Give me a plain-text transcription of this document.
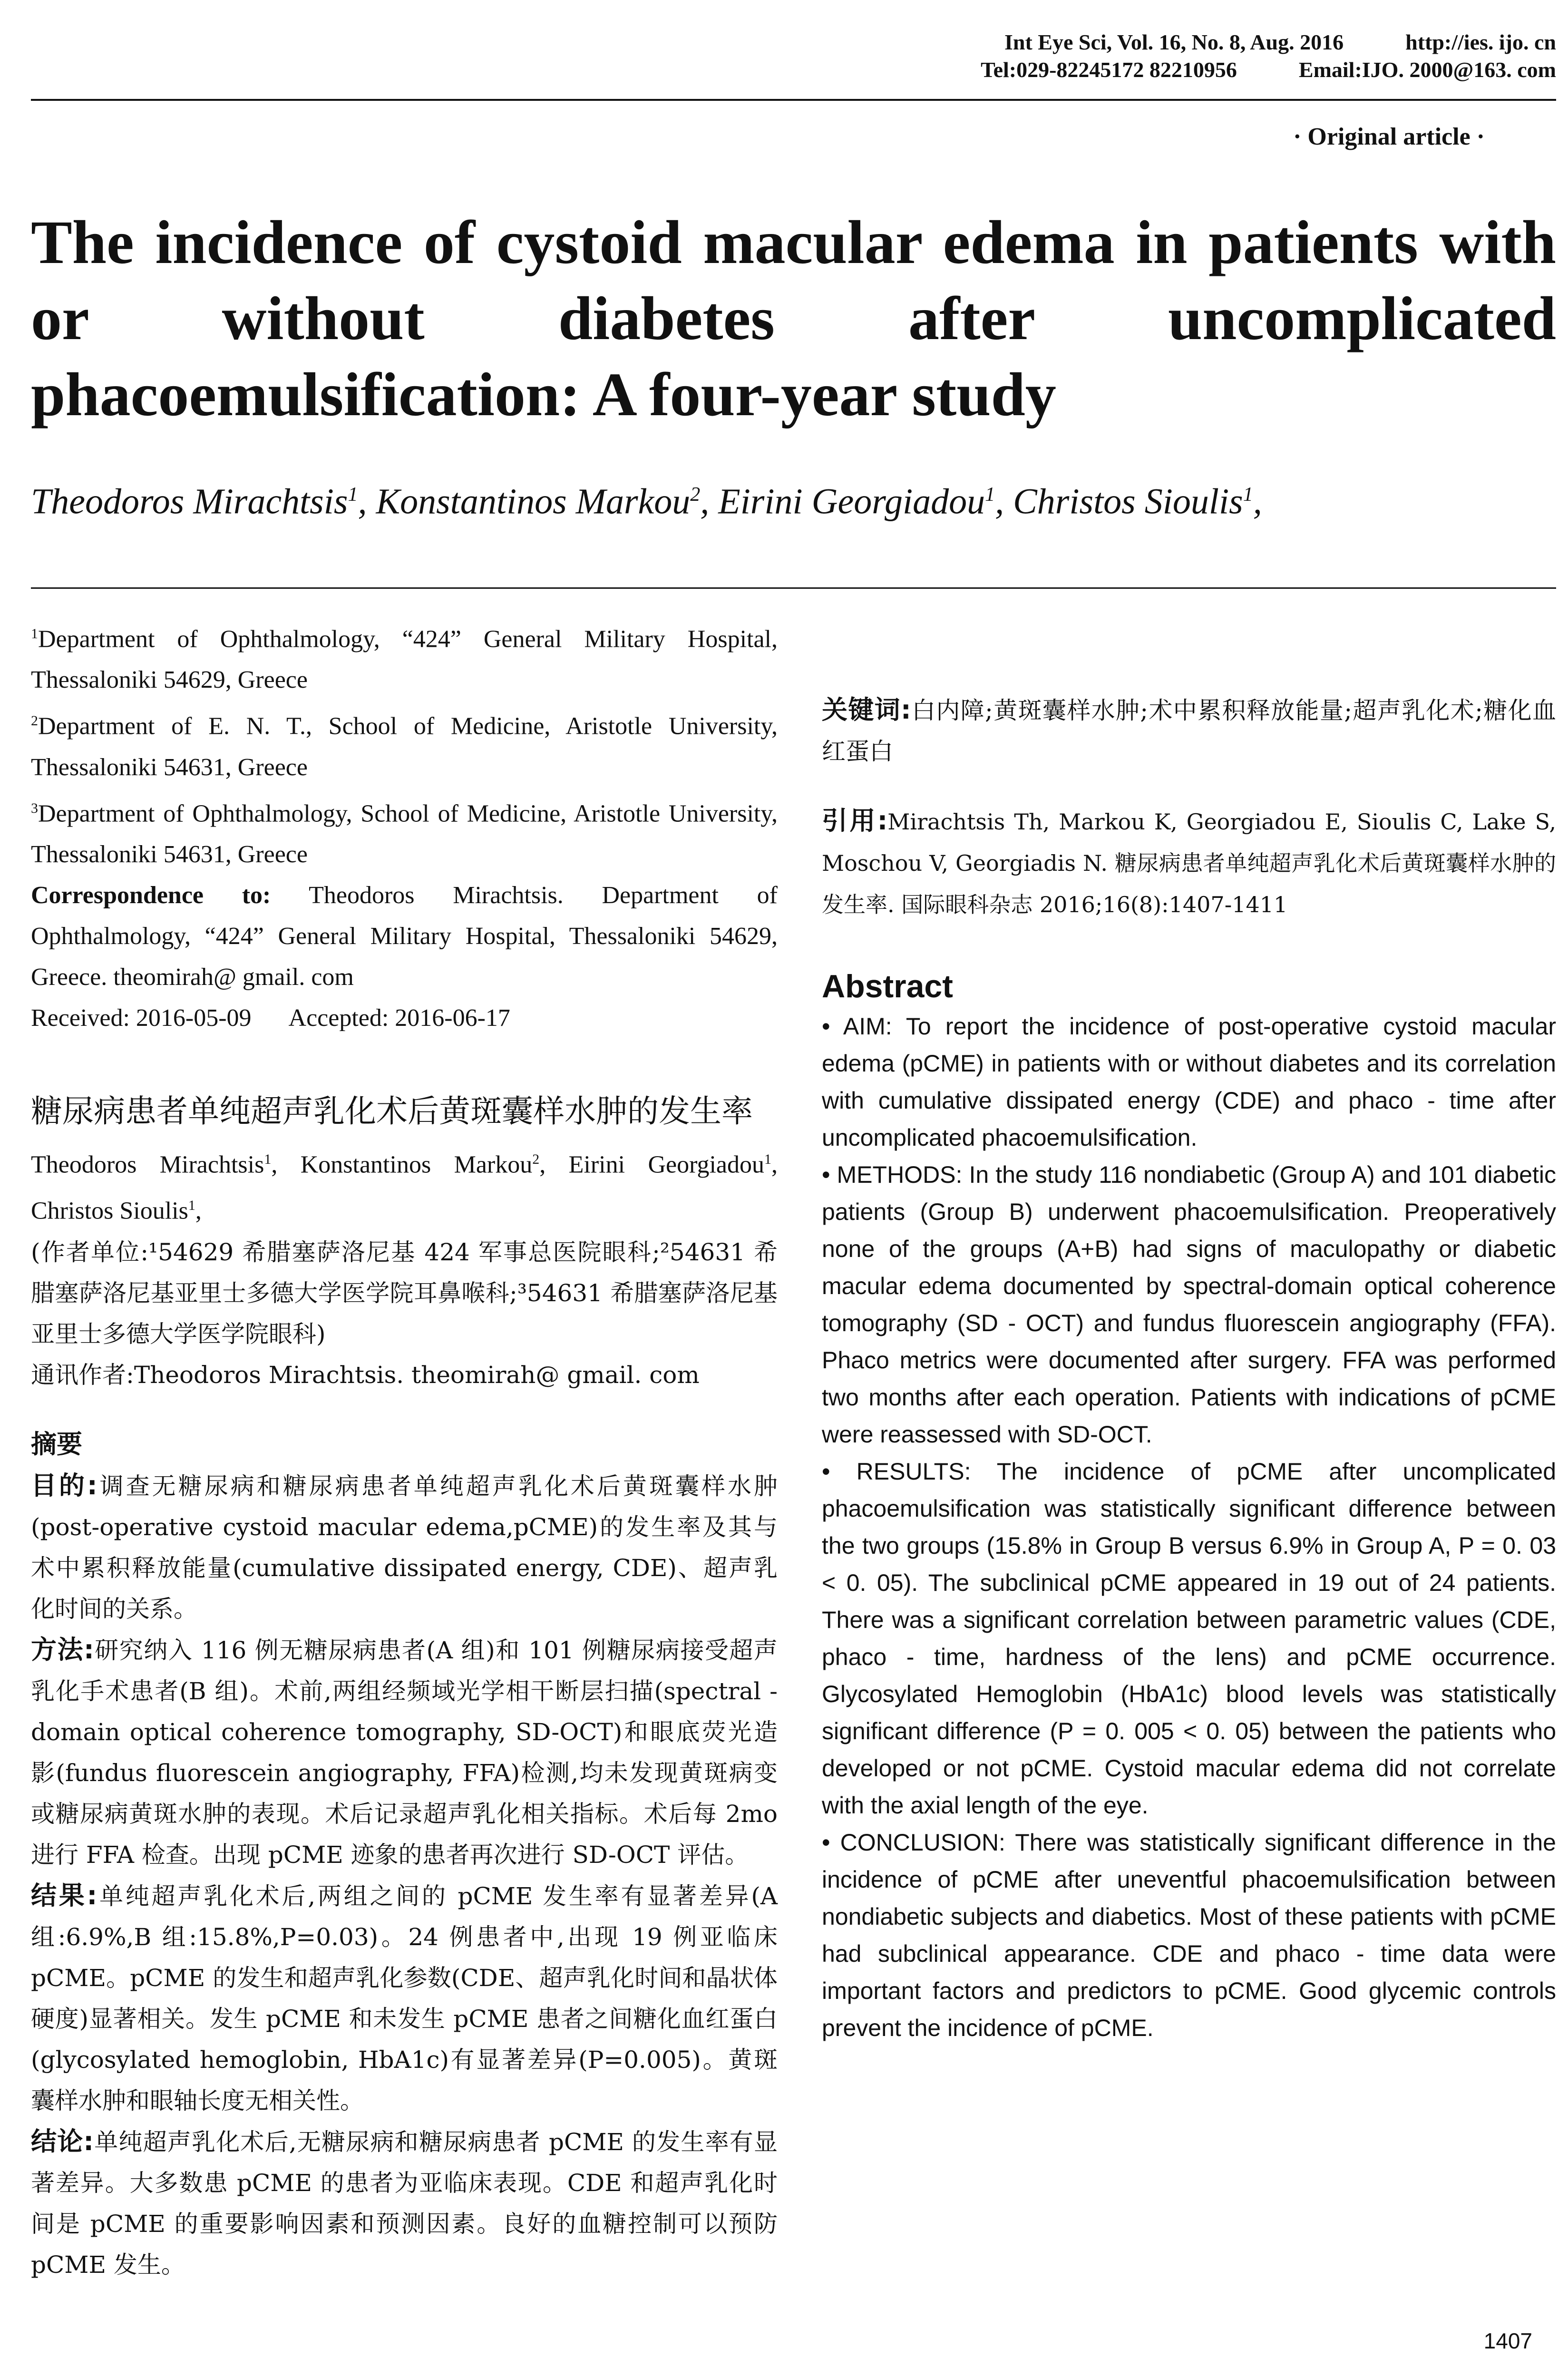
Int Eye Sci, Vol. 16, No. 8, Aug. 2016	http://ies. ijo. cn
Tel:029-82245172 82210956	Email:IJO. 2000@163. com
· Original article ·
The incidence of cystoid macular edema in patients with
or without diabetes after uncomplicated
phacoemulsification: A four-year study
Theodoros Mirachtsis$^1$, Konstantinos Markou$^2$, Eirini Georgiadou$^1$, Christos Sioulis$^1$,

$^1$Department of Ophthalmology, “424” General Military Hospital, Thessaloniki 54629, Greece

$^2$Department of E. N. T., School of Medicine, Aristotle University, Thessaloniki 54631, Greece

$^3$Department of Ophthalmology, School of Medicine, Aristotle University, Thessaloniki 54631, Greece

Correspondence to: Theodoros Mirachtsis. Department of Ophthalmology, “424” General Military Hospital, Thessaloniki 54629, Greece. theomirah@ gmail. com

Received: 2016-05-09 Accepted: 2016-06-17

糖尿病患者单纯超声乳化术后黄斑囊样水肿的发生率

Theodoros Mirachtsis$^1$, Konstantinos Markou$^2$, Eirini Georgiadou$^1$, Christos Sioulis$^1$,

(作者单位:¹54629 希腊塞萨洛尼基 424 军事总医院眼科;²54631 希腊塞萨洛尼基亚里士多德大学医学院耳鼻喉科;³54631 希腊塞萨洛尼基亚里士多德大学医学院眼科)

通讯作者:Theodoros Mirachtsis. theomirah@ gmail. com

摘要

目的:调查无糖尿病和糖尿病患者单纯超声乳化术后黄斑囊样水肿(post-operative cystoid macular edema,pCME)的发生率及其与术中累积释放能量(cumulative dissipated energy, CDE)、超声乳化时间的关系。

方法:研究纳入 116 例无糖尿病患者(A 组)和 101 例糖尿病接受超声乳化手术患者(B 组)。术前,两组经频域光学相干断层扫描(spectral - domain optical coherence tomography, SD-OCT)和眼底荧光造影(fundus fluorescein angiography, FFA)检测,均未发现黄斑病变或糖尿病黄斑水肿的表现。术后记录超声乳化相关指标。术后每 2mo 进行 FFA 检查。出现 pCME 迹象的患者再次进行 SD-OCT 评估。

结果:单纯超声乳化术后,两组之间的 pCME 发生率有显著差异(A 组:6.9%,B 组:15.8%,P=0.03)。24 例患者中,出现 19 例亚临床 pCME。pCME 的发生和超声乳化参数(CDE、超声乳化时间和晶状体硬度)显著相关。发生 pCME 和未发生 pCME 患者之间糖化血红蛋白(glycosylated hemoglobin, HbA1c)有显著差异(P=0.005)。黄斑囊样水肿和眼轴长度无相关性。

结论:单纯超声乳化术后,无糖尿病和糖尿病患者 pCME 的发生率有显著差异。大多数患 pCME 的患者为亚临床表现。CDE 和超声乳化时间是 pCME 的重要影响因素和预测因素。良好的血糖控制可以预防 pCME 发生。

关键词:白内障;黄斑囊样水肿;术中累积释放能量;超声乳化术;糖化血红蛋白

引用:Mirachtsis Th, Markou K, Georgiadou E, Sioulis C, Lake S, Moschou V, Georgiadis N. 糖尿病患者单纯超声乳化术后黄斑囊样水肿的发生率. 国际眼科杂志 2016;16(8):1407-1411

Abstract

• AIM: To report the incidence of post-operative cystoid macular edema (pCME) in patients with or without diabetes and its correlation with cumulative dissipated energy (CDE) and phaco - time after uncomplicated phacoemulsification.

• METHODS: In the study 116 nondiabetic (Group A) and 101 diabetic patients (Group B) underwent phacoemulsification. Preoperatively none of the groups (A+B) had signs of maculopathy or diabetic macular edema documented by spectral-domain optical coherence tomography (SD - OCT) and fundus fluorescein angiography (FFA). Phaco metrics were documented after surgery. FFA was performed two months after each operation. Patients with indications of pCME were reassessed with SD-OCT.

• RESULTS: The incidence of pCME after uncomplicated phacoemulsification was statistically significant difference between the two groups (15.8% in Group B versus 6.9% in Group A, P = 0. 03 < 0. 05). The subclinical pCME appeared in 19 out of 24 patients. There was a significant correlation between parametric values (CDE, phaco - time, hardness of the lens) and pCME occurrence. Glycosylated Hemoglobin (HbA1c) blood levels was statistically significant difference (P = 0. 005 < 0. 05) between the patients who developed or not pCME. Cystoid macular edema did not correlate with the axial length of the eye.

• CONCLUSION: There was statistically significant difference in the incidence of pCME after uneventful phacoemulsification between nondiabetic subjects and diabetics. Most of these patients with pCME had subclinical appearance. CDE and phaco - time data were important factors and predictors to pCME. Good glycemic controls prevent the incidence of pCME.

1407
